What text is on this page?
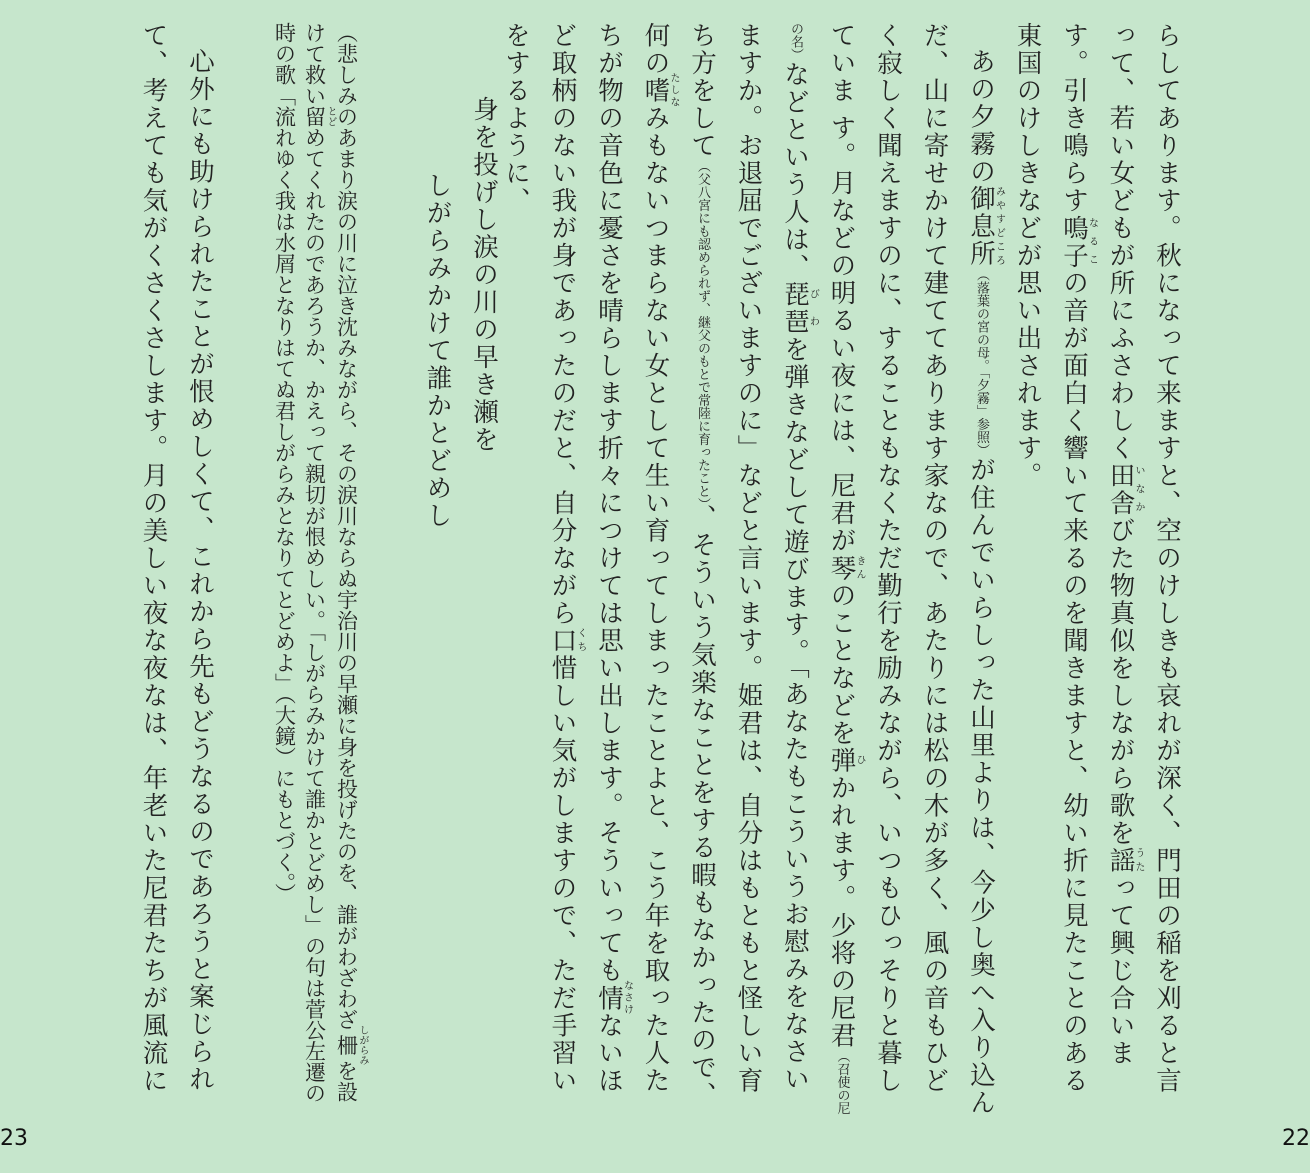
らしてあります。秋になって来ますと、空のけしきも哀れが深く、門田の稲を刈ると言って、若い女どもが所にふさわしく田舎いなかびた物真似をしながら歌を謡うたって興じ合います。引き鳴らす鳴子なるこの音が面白く響いて来るのを聞きますと、幼い折に見たことのある東国のけしきなどが思い出されます。
あの夕霧の御息所みやすどころ（落葉の宮の母。「夕霧」参照）が住んでいらしった山里よりは、今少し奥へ入り込んだ、山に寄せかけて建ててあります家なので、あたりには松の木が多く、風の音もひどく寂しく聞えますのに、することもなくただ勤行を励みながら、いつもひっそりと暮していま す。月などの明るい夜には、尼君が琴きんのことなどを弾ひかれます。少将の尼君（召使の尼の名）などという人は、琵琶びわを弾きなどして遊びます。「あなたもこういうお慰みをなさいますか。お退屈でございますのに」などと言います。姫君は、自分はもともと怪しい育ち方をして（父八宮にも認められず、継父のもとで常陸に育ったこと）、そういう気楽なことをする暇もなかったので、何の嗜たしなみもないつまらない女として生い育ってしまったことよと、こう年を取った人たちが物の音色に憂さを晴らします折々につけては思い出します。そういっても情なさけないほど取柄のない我が身であったのだと、自分ながら口くち惜しい気がしますので、ただ手習いをするように、
22
身を投げし涙の川の早き瀬を
しがらみかけて誰かとどめし
（悲しみのあまり涙の川に泣き沈みながら、その涙川ならぬ宇治川の早瀬に身を投げたのを、誰がわざわざ柵しがらみを設けて救い留とどめてくれたのであろうか、かえって親切が恨めしい。「しがらみかけて誰かとどめし」の句は菅公左遷の時の歌「流れゆく我は水屑となりはてぬ君しがらみとなりてとどめよ」（大鏡）にもとづく。）
心外にも助けられたことが恨めしくて、これから先もどうなるのであろうと案じられて、考えても気がくさくさします。月の美しい夜な夜なは、年老いた尼君たちが風流に
23
